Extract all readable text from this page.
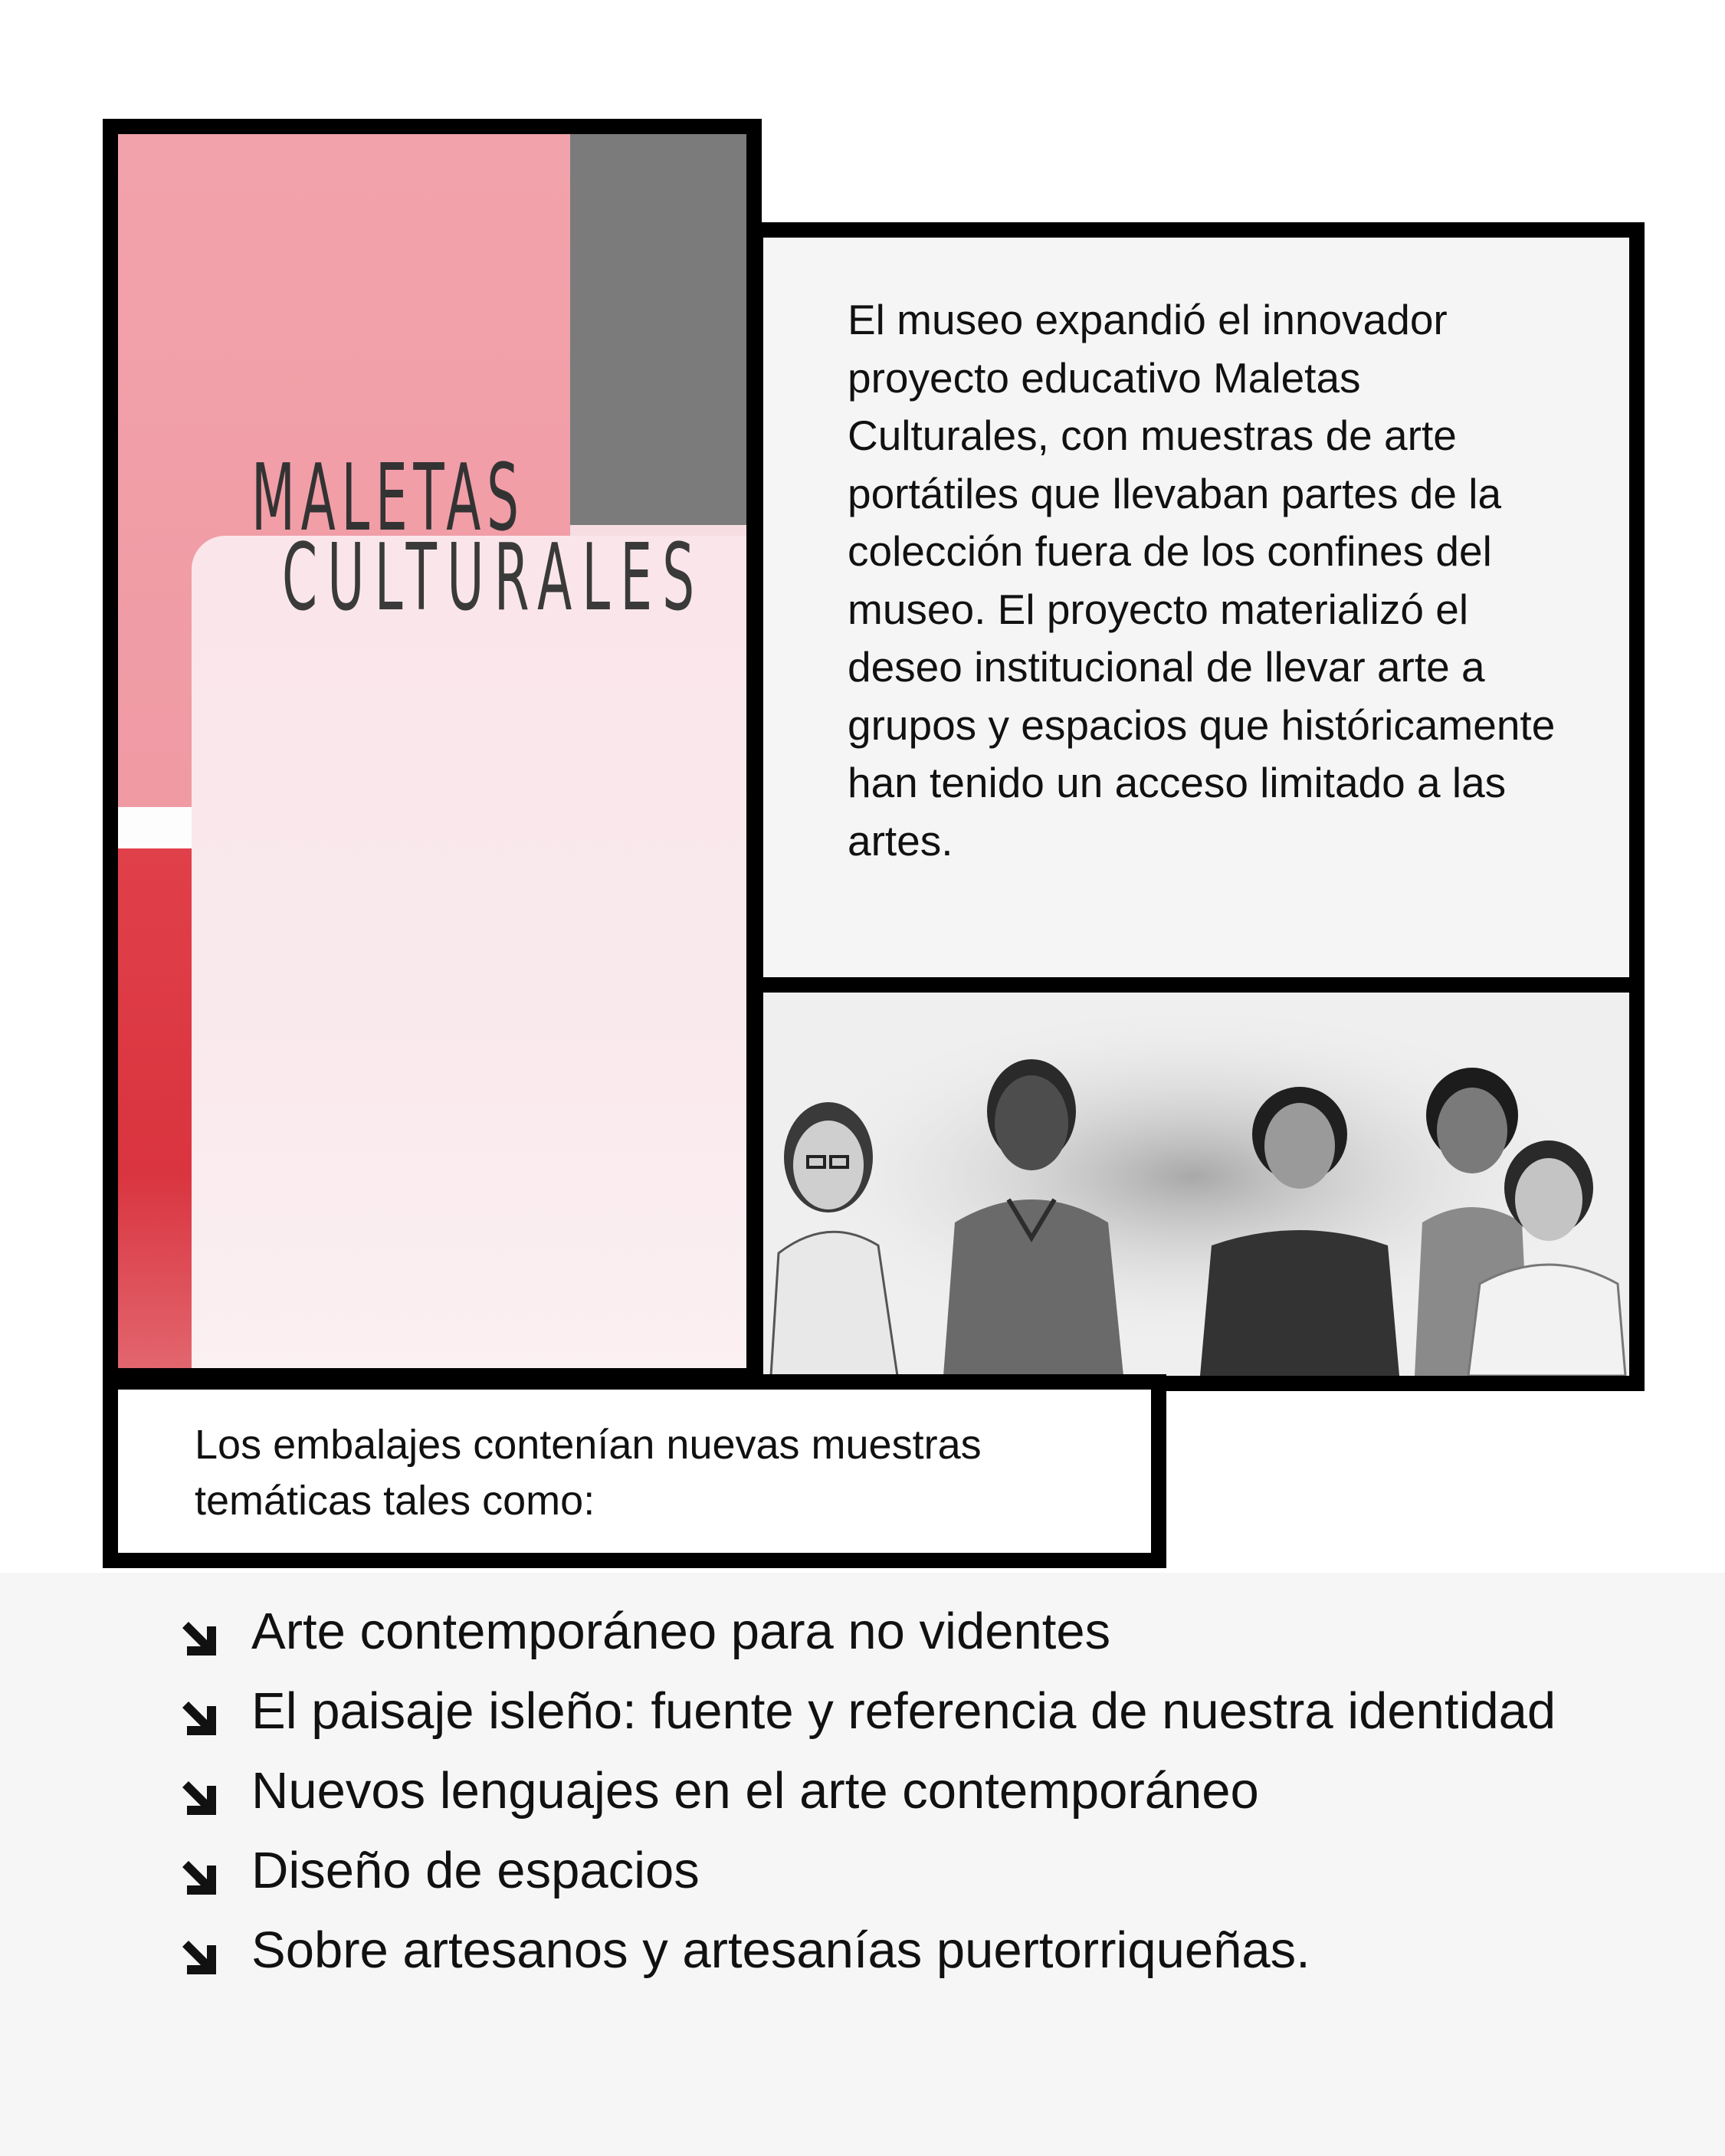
MALETAS
CULTURALES

El museo expandió el innovador proyecto educativo Maletas Culturales, con muestras de arte portátiles que llevaban partes de la colección fuera de los confines del museo. El proyecto materializó el deseo institucional de llevar arte a grupos y espacios que históricamente han tenido un acceso limitado a las artes.

Los embalajes contenían nuevas muestras temáticas tales como:

Arte contemporáneo para no videntes
El paisaje isleño: fuente y referencia de nuestra identidad
Nuevos lenguajes en el arte contemporáneo
Diseño de espacios
Sobre artesanos y artesanías puertorriqueñas.
